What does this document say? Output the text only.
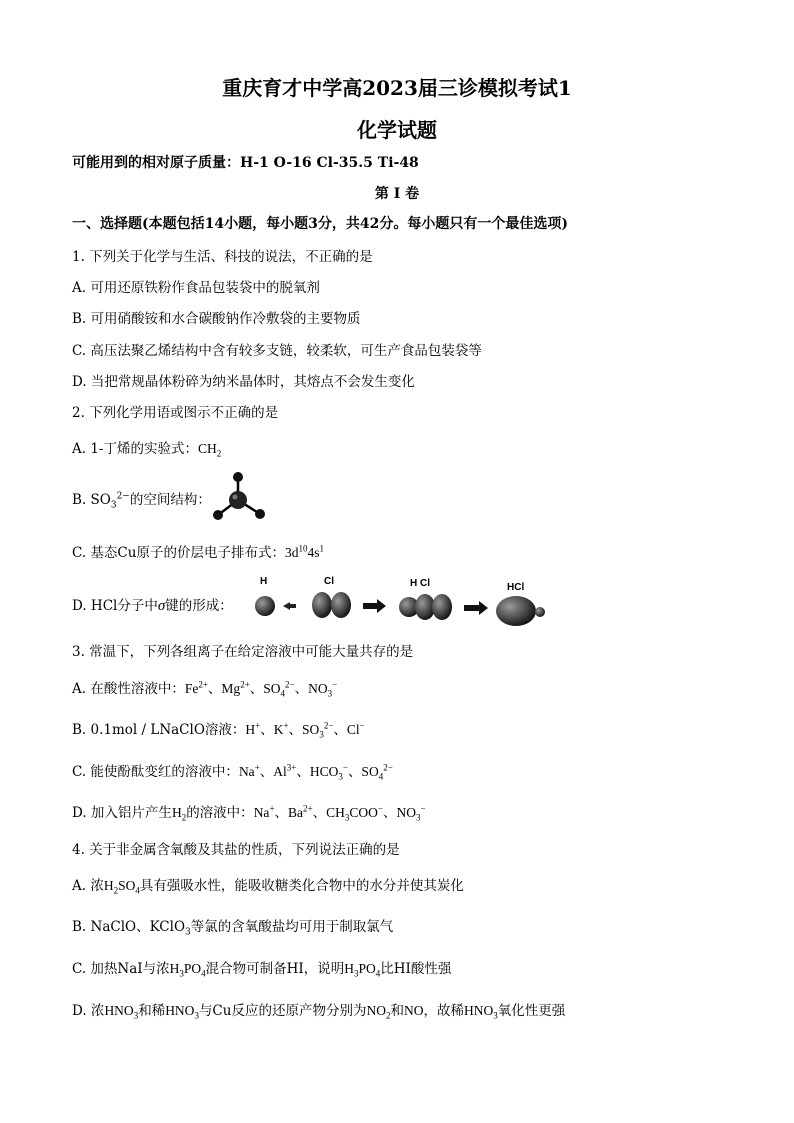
重庆育才中学高2023届三诊模拟考试1
化学试题
可能用到的相对原子质量：H-1 O-16 Cl-35.5 Ti-48
第 I 卷
一、选择题(本题包括14小题，每小题3分，共42分。每小题只有一个最佳选项)
1. 下列关于化学与生活、科技的说法，不正确的是
A. 可用还原铁粉作食品包装袋中的脱氧剂
B. 可用硝酸铵和水合碳酸钠作冷敷袋的主要物质
C. 高压法聚乙烯结构中含有较多支链，较柔软，可生产食品包装袋等
D. 当把常规晶体粉碎为纳米晶体时，其熔点不会发生变化
2. 下列化学用语或图示不正确的是
A. 1-丁烯的实验式：$CH_2$
B. $SO_3^{2-}$的空间结构：
C. 基态Cu原子的价层电子排布式：$3d^{10}4s^1$
D. HCl分子中σ键的形成：
H	Cl	H Cl	HCl
3. 常温下，下列各组离子在给定溶液中可能大量共存的是
A. 在酸性溶液中：$Fe^{2+}$、$Mg^{2+}$、$SO_4^{2-}$、$NO_3^-$
B. 0.1mol / LNaClO溶液：H+、K+、$SO_3^{2-}$、Cl−
C. 能使酚酞变红的溶液中：Na+、$Al^{3+}$、$HCO_3^-$、$SO_4^{2-}$
D. 加入铝片产生$H_2$的溶液中：Na+、$Ba^{2+}$、$CH_3COO^-$、$NO_3^-$
4. 关于非金属含氧酸及其盐的性质，下列说法正确的是
A. 浓$H_2SO_4$具有强吸水性，能吸收糖类化合物中的水分并使其炭化
B. NaClO、KClO$_3$等氯的含氧酸盐均可用于制取氯气
C. 加热NaI与浓$H_3PO_4$混合物可制备HI，说明$H_3PO_4$比HI酸性强
D. 浓$HNO_3$和稀$HNO_3$与Cu反应的还原产物分别为$NO_2$和NO，故稀$HNO_3$氧化性更强
